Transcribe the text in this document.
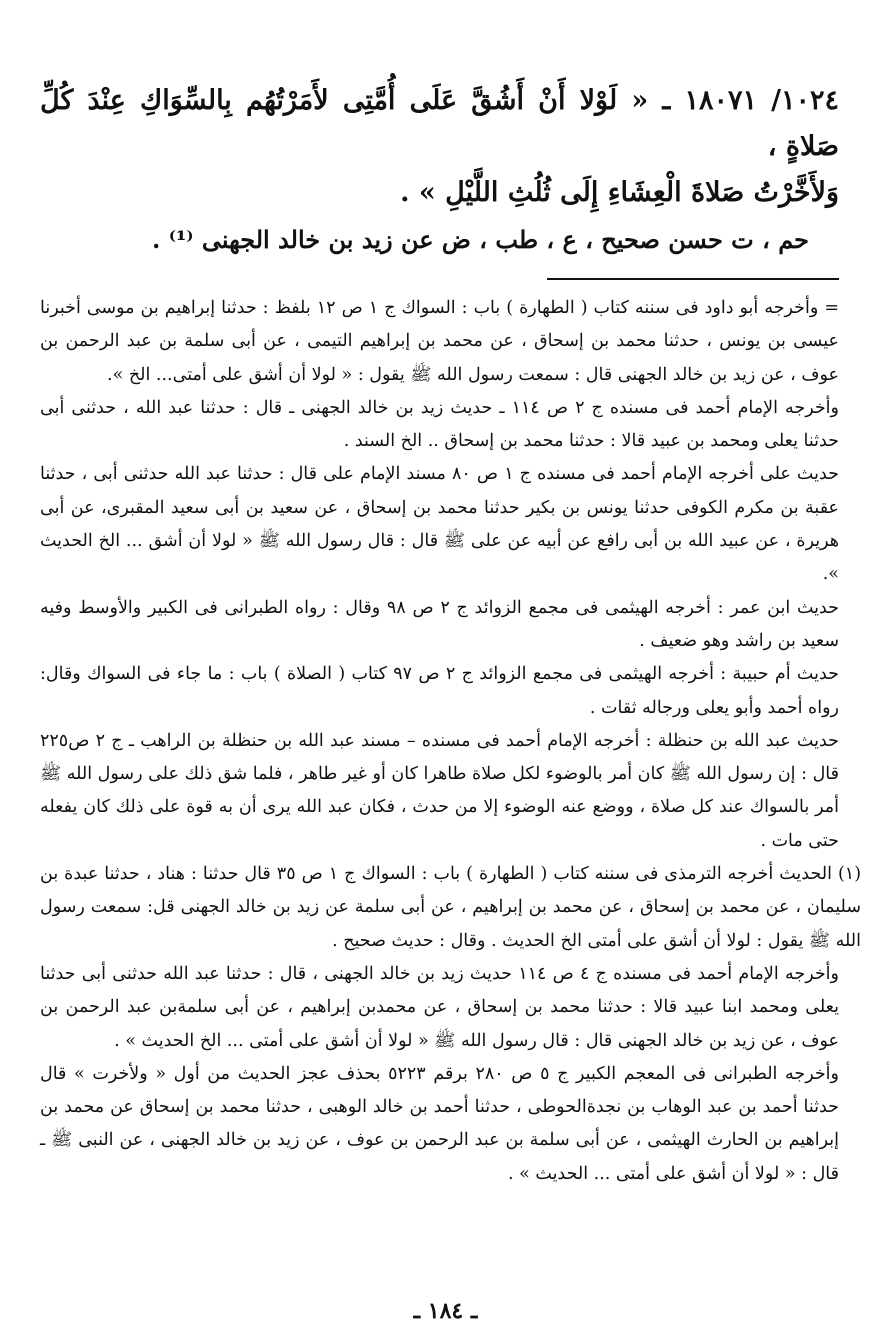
١٠٢٤/ ١٨٠٧١ ـ « لَوْلا أَنْ أَشُقَّ عَلَى أُمَّتِى لأَمَرْتُهُم بِالسِّوَاكِ عِنْدَ كُلِّ صَلاةٍ ،

وَلأَخَّرْتُ صَلاةَ الْعِشَاءِ إِلَى ثُلُثِ اللَّيْلِ » .

حم ، ت حسن صحيح ، ع ، طب ، ض عن زيد بن خالد الجهنى ⁽¹⁾ .

= وأخرجه أبو داود فى سننه كتاب ( الطهارة ) باب : السواك ج ١ ص ١٢ بلفظ : حدثنا إبراهيم بن موسى أخبرنا عيسى بن يونس ، حدثنا محمد بن إسحاق ، عن محمد بن إبراهيم التيمى ، عن أبى سلمة بن عبد الرحمن بن عوف ، عن زيد بن خالد الجهنى قال : سمعت رسول الله ﷺ يقول : « لولا أن أشق على أمتى... الخ ».

وأخرجه الإمام أحمد فى مسنده ج ٢ ص ١١٤ ـ حديث زيد بن خالد الجهنى ـ قال : حدثنا عبد الله ، حدثنى أبى حدثنا يعلى ومحمد بن عبيد قالا : حدثنا محمد بن إسحاق .. الخ السند .

حديث على أخرجه الإمام أحمد فى مسنده ج ١ ص ٨٠ مسند الإمام على قال : حدثنا عبد الله حدثنى أبى ، حدثنا عقبة بن مكرم الكوفى حدثنا يونس بن بكير حدثنا محمد بن إسحاق ، عن سعيد بن أبى سعيد المقبرى، عن أبى هريرة ، عن عبيد الله بن أبى رافع عن أبيه عن على ﷺ قال : قال رسول الله ﷺ « لولا أن أشق ... الخ الحديث ».

حديث ابن عمر : أخرجه الهيثمى فى مجمع الزوائد ج ٢ ص ٩٨ وقال : رواه الطبرانى فى الكبير والأوسط وفيه سعيد بن راشد وهو ضعيف .

حديث أم حبيبة : أخرجه الهيثمى فى مجمع الزوائد ج ٢ ص ٩٧ كتاب ( الصلاة ) باب : ما جاء فى السواك وقال: رواه أحمد وأبو يعلى ورجاله ثقات .

حديث عبد الله بن حنظلة : أخرجه الإمام أحمد فى مسنده – مسند عبد الله بن حنظلة بن الراهب ـ ج ٢ ص٢٢٥ قال : إن رسول الله ﷺ كان أمر بالوضوء لكل صلاة طاهرا كان أو غير طاهر ، فلما شق ذلك على رسول الله ﷺ أمر بالسواك عند كل صلاة ، ووضع عنه الوضوء إلا من حدث ، فكان عبد الله يرى أن به قوة على ذلك كان يفعله حتى مات .

(١) الحديث أخرجه الترمذى فى سننه كتاب ( الطهارة ) باب : السواك ج ١ ص ٣٥ قال حدثنا : هناد ، حدثنا عبدة بن سليمان ، عن محمد بن إسحاق ، عن محمد بن إبراهيم ، عن أبى سلمة عن زيد بن خالد الجهنى قل: سمعت رسول الله ﷺ يقول : لولا أن أشق على أمتى الخ الحديث . وقال : حديث صحيح .

وأخرجه الإمام أحمد فى مسنده ج ٤ ص ١١٤ حديث زيد بن خالد الجهنى ، قال : حدثنا عبد الله حدثنى أبى حدثنا يعلى ومحمد ابنا عبيد قالا : حدثنا محمد بن إسحاق ، عن محمدبن إبراهيم ، عن أبى سلمةبن عبد الرحمن بن عوف ، عن زيد بن خالد الجهنى قال : قال رسول الله ﷺ « لولا أن أشق على أمتى ... الخ الحديث » .

وأخرجه الطبرانى فى المعجم الكبير ج ٥ ص ٢٨٠ برقم ٥٢٢٣ بحذف عجز الحديث من أول « ولأخرت » قال حدثنا أحمد بن عبد الوهاب بن نجدةالحوطى ، حدثنا أحمد بن خالد الوهبى ، حدثنا محمد بن إسحاق عن محمد بن إبراهيم بن الحارث الهيثمى ، عن أبى سلمة بن عبد الرحمن بن عوف ، عن زيد بن خالد الجهنى ، عن النبى ﷺ ـ قال : « لولا أن أشق على أمتى ... الحديث » .

ـ ١٨٤ ـ
